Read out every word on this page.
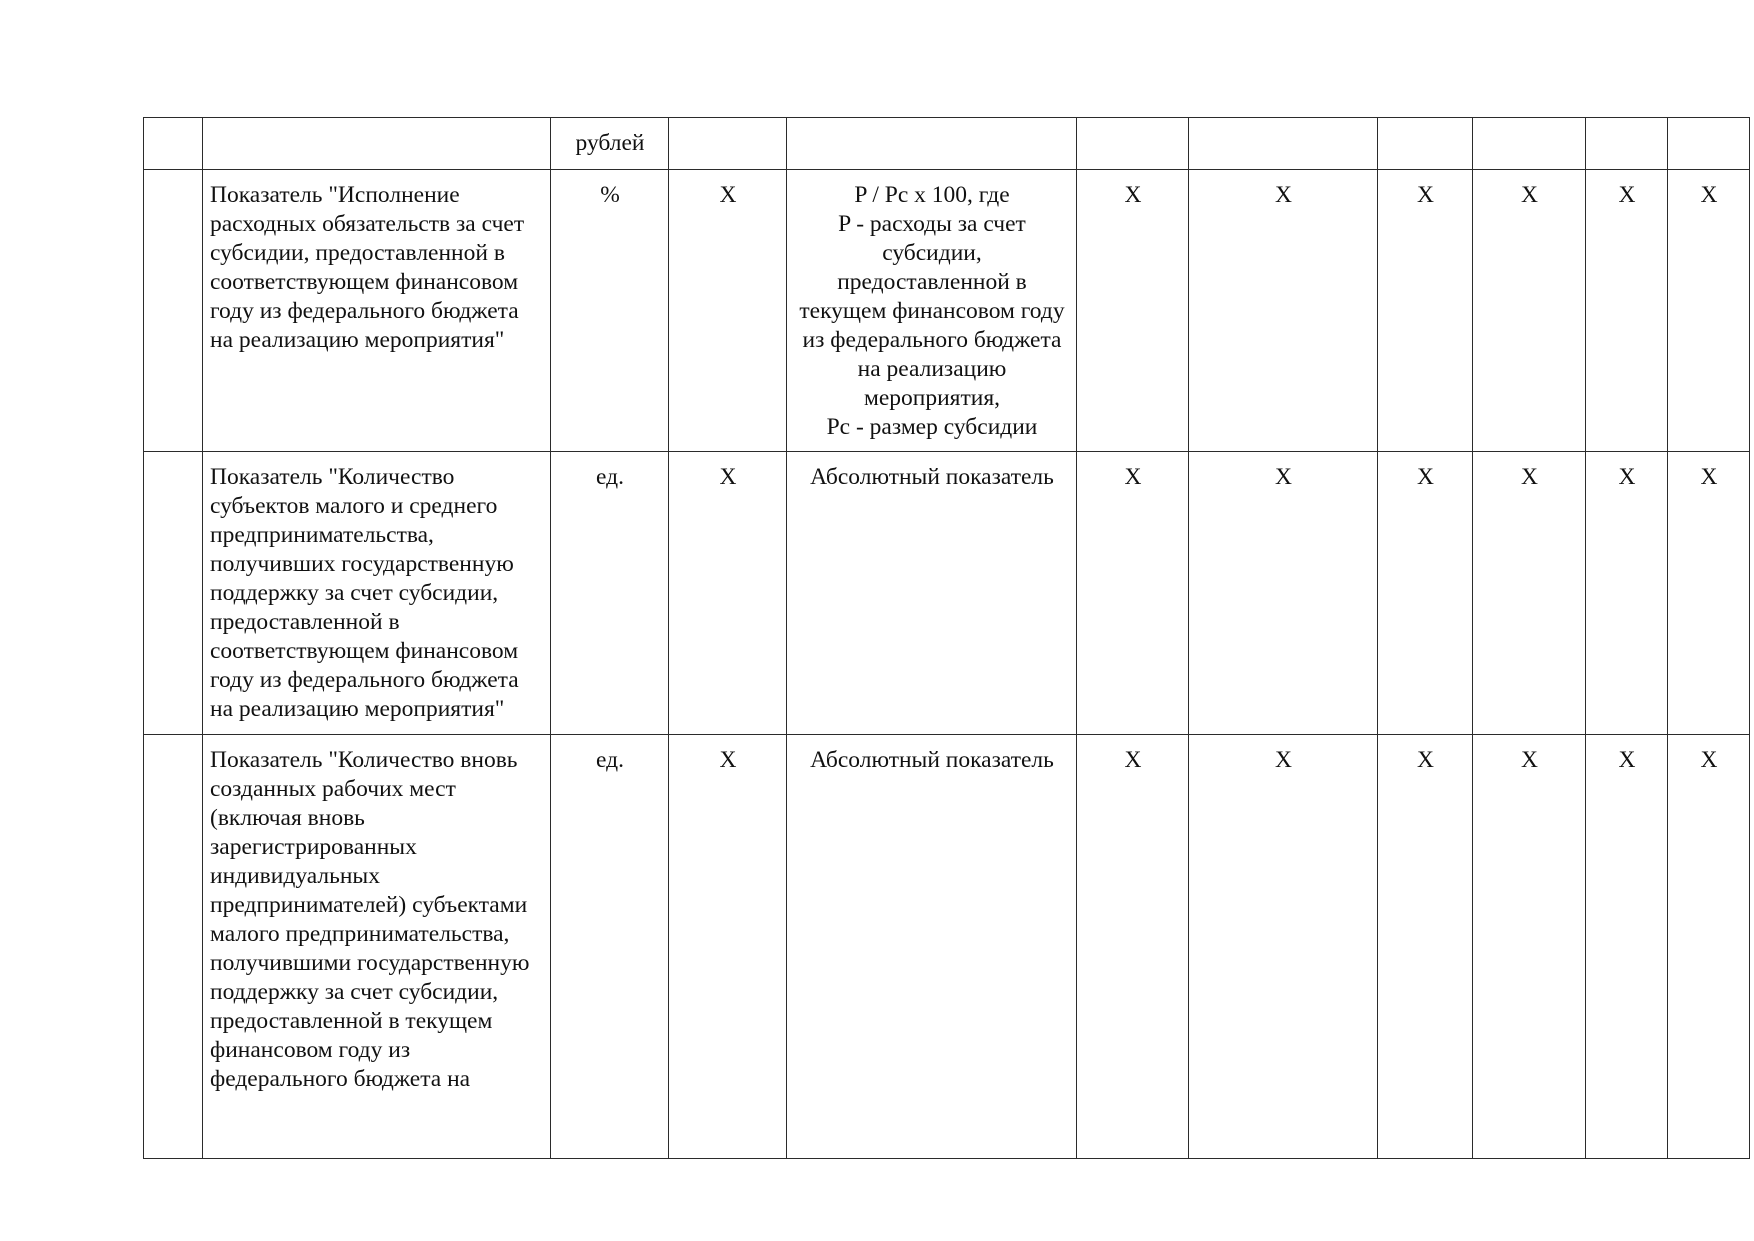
		рублей								
	Показатель "Исполнение расходных обязательств за счет субсидии, предоставленной в соответствующем финансовом году из федерального бюджета на реализацию мероприятия"	%	X	P / Pc x 100, где
P - расходы за счет субсидии, предоставленной в текущем финансовом году из федерального бюджета на реализацию мероприятия,
Pc - размер субсидии	X	X	X	X	X	X
	Показатель "Количество субъектов малого и среднего предпринимательства, получивших государственную поддержку за счет субсидии, предоставленной в соответствующем финансовом году из федерального бюджета на реализацию мероприятия"	ед.	X	Абсолютный показатель	X	X	X	X	X	X
	Показатель "Количество вновь созданных рабочих мест (включая вновь зарегистрированных индивидуальных предпринимателей) субъектами малого предпринимательства, получившими государственную поддержку за счет субсидии, предоставленной в текущем финансовом году из федерального бюджета на	ед.	X	Абсолютный показатель	X	X	X	X	X	X
